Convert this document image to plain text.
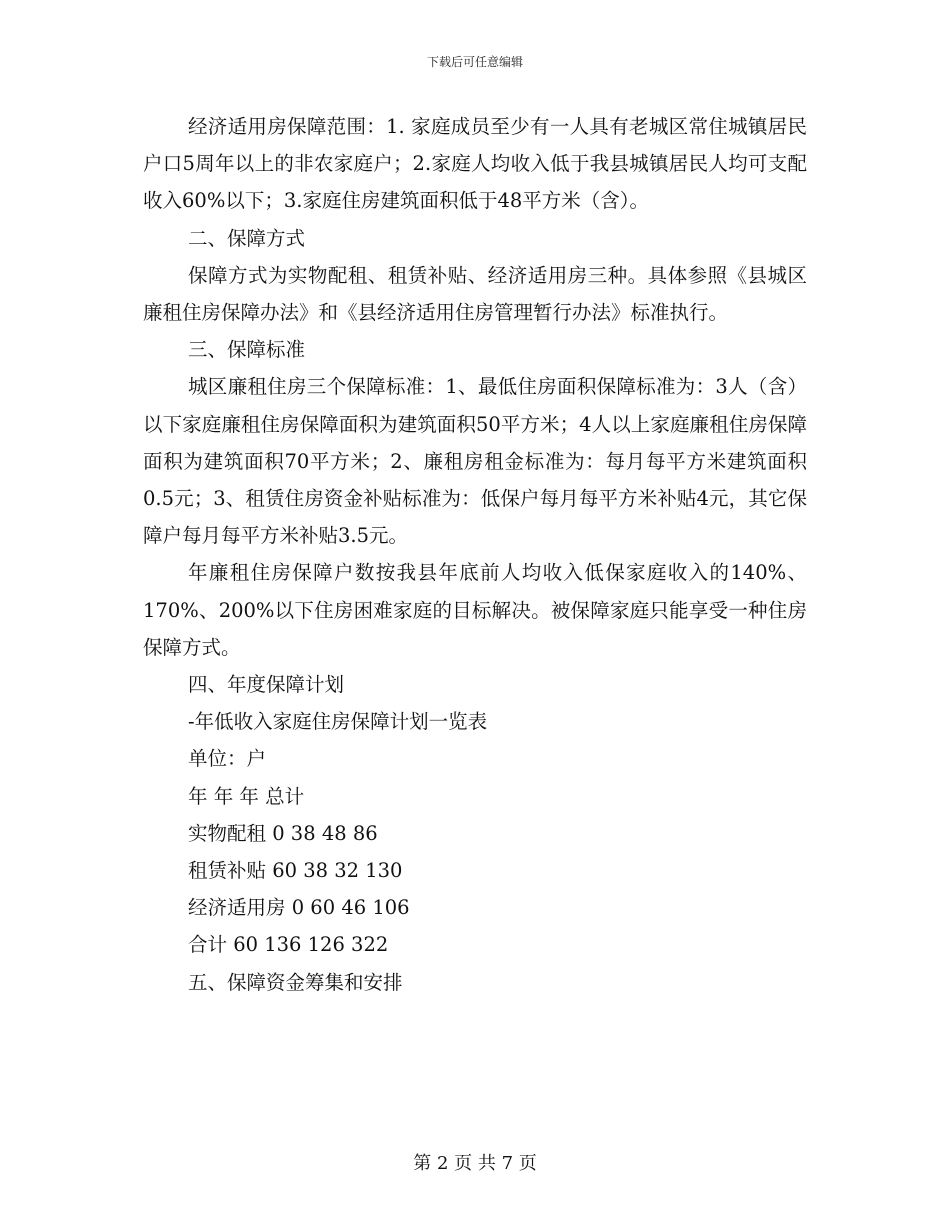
下载后可任意编辑

经济适用房保障范围：1. 家庭成员至少有一人具有老城区常住城镇居民户口5周年以上的非农家庭户；2.家庭人均收入低于我县城镇居民人均可支配收入60%以下；3.家庭住房建筑面积低于48平方米（含）。

二、保障方式

保障方式为实物配租、租赁补贴、经济适用房三种。具体参照《县城区廉租住房保障办法》和《县经济适用住房管理暂行办法》标准执行。

三、保障标准

城区廉租住房三个保障标准：1、最低住房面积保障标准为：3人（含）以下家庭廉租住房保障面积为建筑面积50平方米；4人以上家庭廉租住房保障面积为建筑面积70平方米；2、廉租房租金标准为：每月每平方米建筑面积0.5元；3、租赁住房资金补贴标准为：低保户每月每平方米补贴4元，其它保障户每月每平方米补贴3.5元。

年廉租住房保障户数按我县年底前人均收入低保家庭收入的140%、170%、200%以下住房困难家庭的目标解决。被保障家庭只能享受一种住房保障方式。

四、年度保障计划

-年低收入家庭住房保障计划一览表

单位：户

年 年 年 总计

实物配租 0 38 48 86

租赁补贴 60 38 32 130

经济适用房 0 60 46 106

合计 60 136 126 322

五、保障资金筹集和安排

第 2 页 共 7 页
